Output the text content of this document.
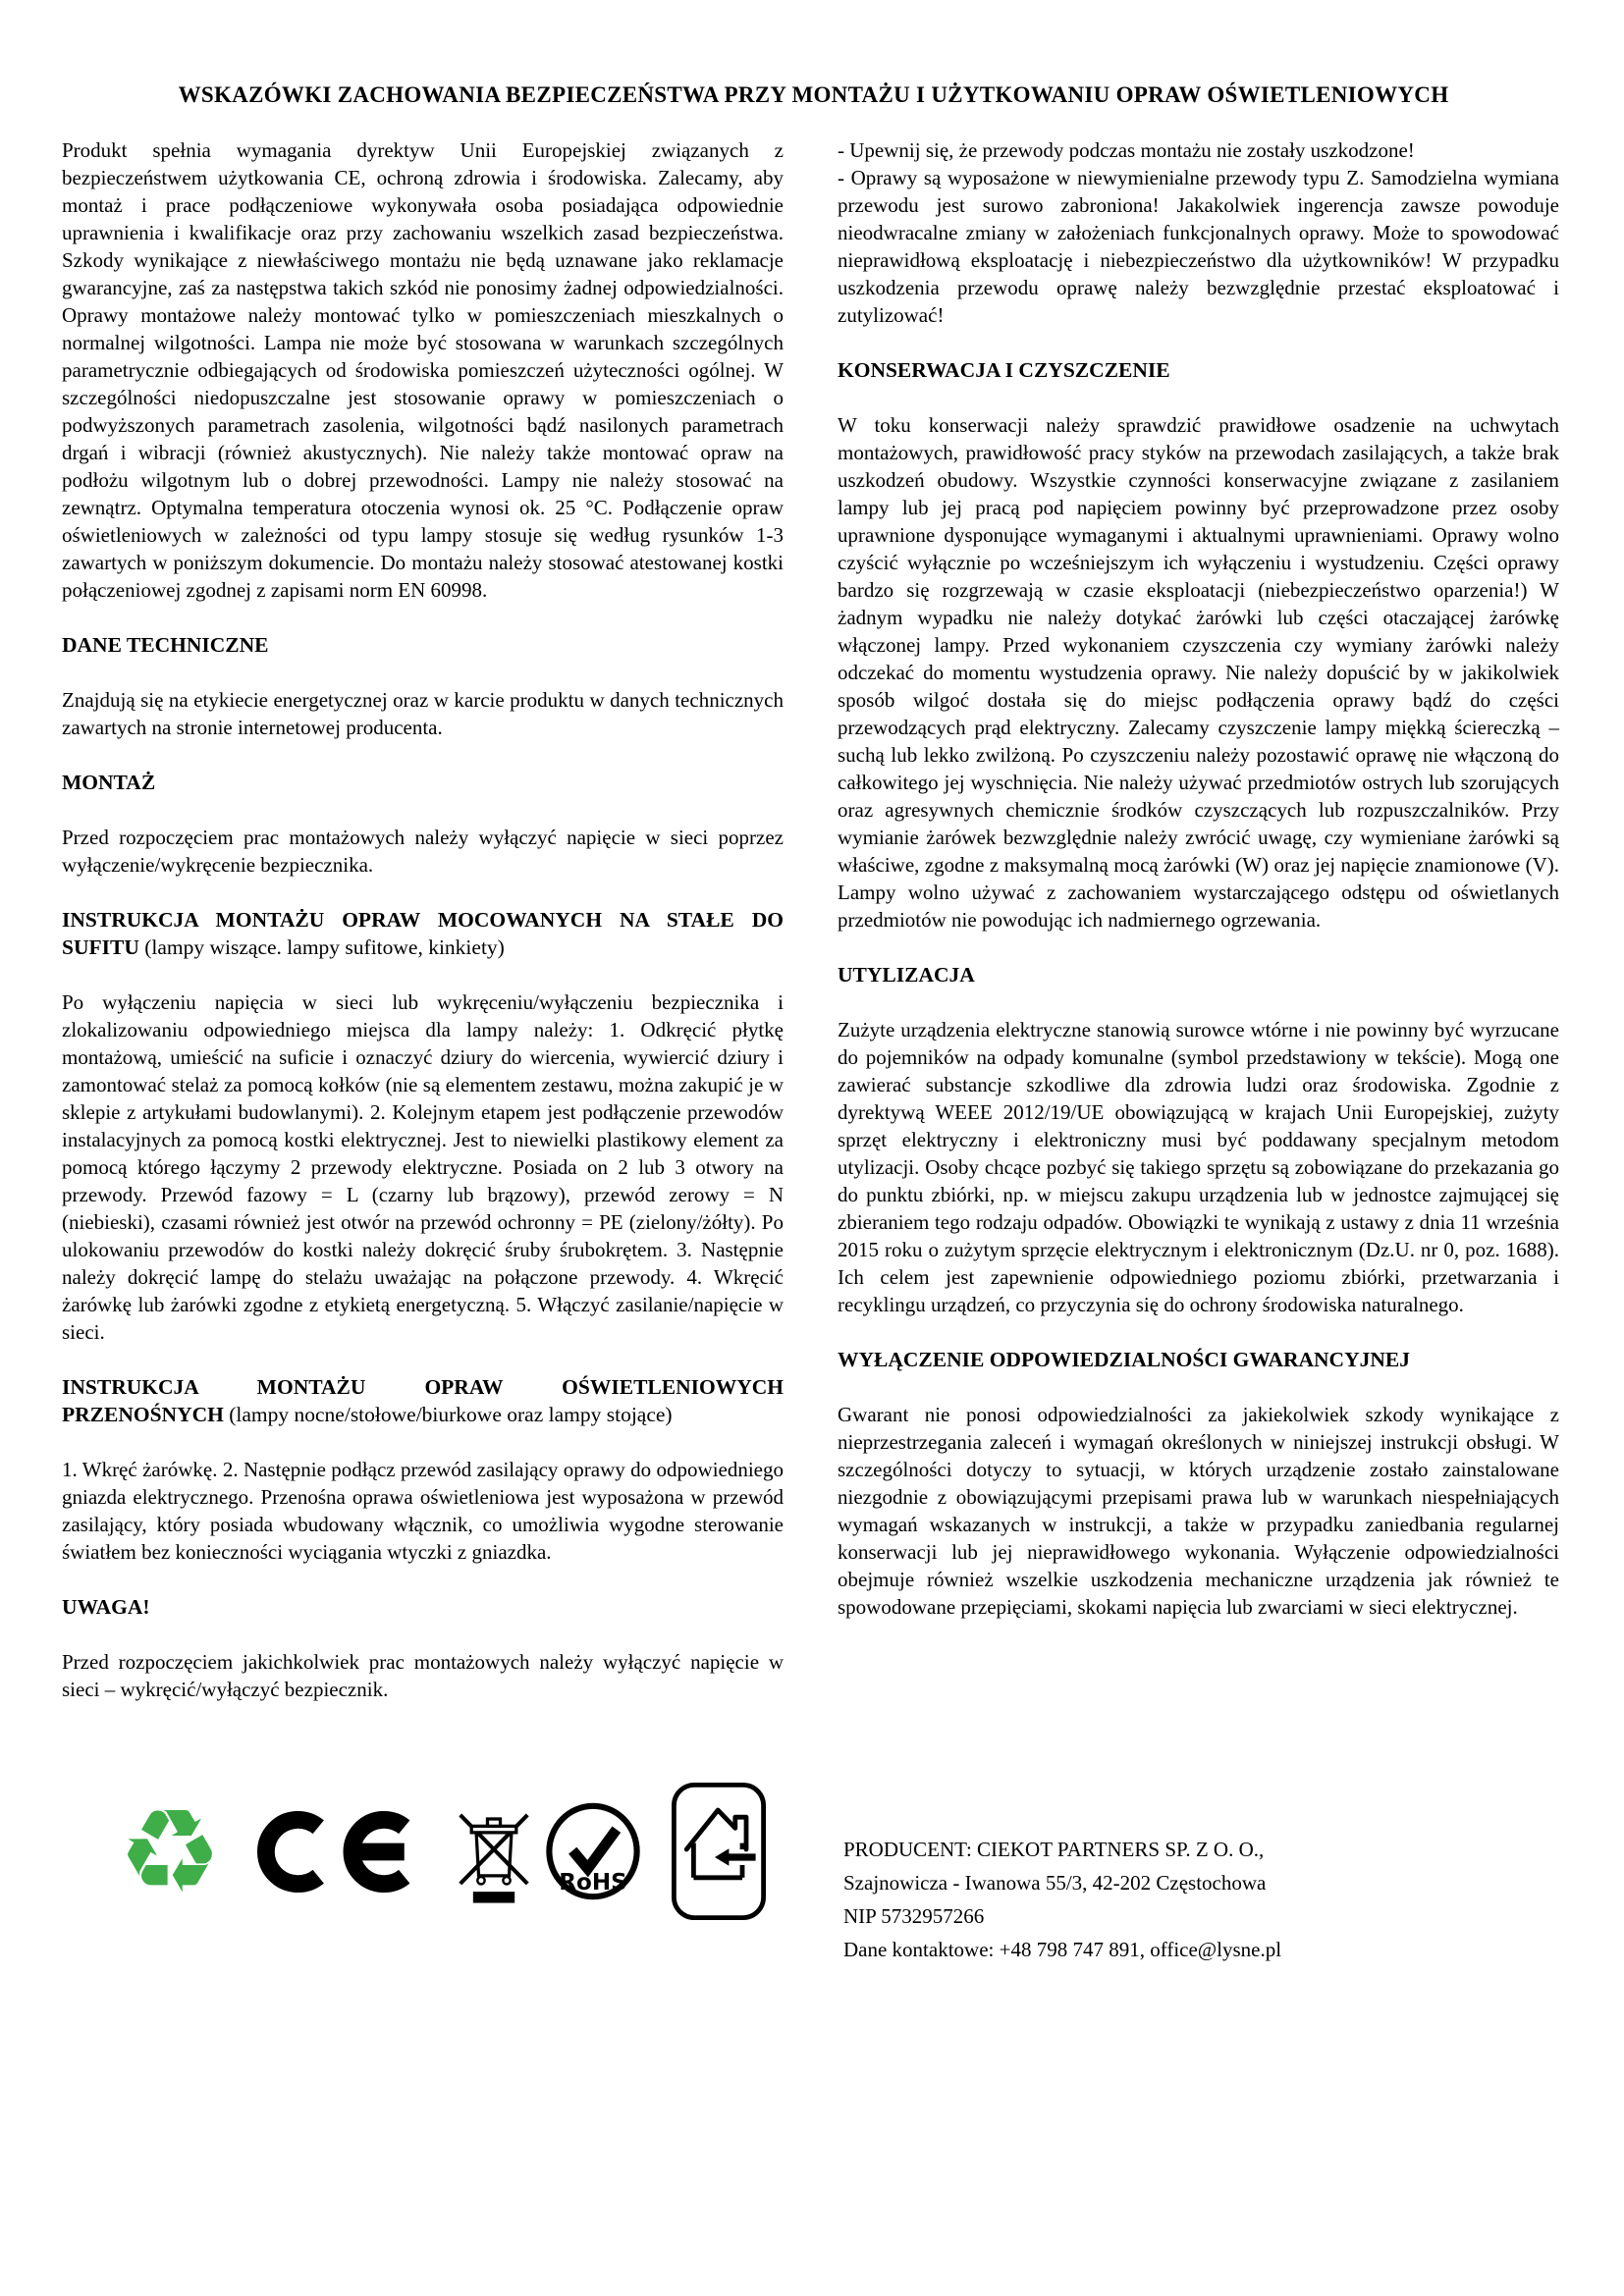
WSKAZÓWKI ZACHOWANIA BEZPIECZEŃSTWA PRZY MONTAŻU I UŻYTKOWANIU OPRAW OŚWIETLENIOWYCH

Produkt spełnia wymagania dyrektyw Unii Europejskiej związanych z bezpieczeństwem użytkowania CE, ochroną zdrowia i środowiska. Zalecamy, aby montaż i prace podłączeniowe wykonywała osoba posiadająca odpowiednie uprawnienia i kwalifikacje oraz przy zachowaniu wszelkich zasad bezpieczeństwa. Szkody wynikające z niewłaściwego montażu nie będą uznawane jako reklamacje gwarancyjne, zaś za następstwa takich szkód nie ponosimy żadnej odpowiedzialności. Oprawy montażowe należy montować tylko w pomieszczeniach mieszkalnych o normalnej wilgotności. Lampa nie może być stosowana w warunkach szczególnych parametrycznie odbiegających od środowiska pomieszczeń użyteczności ogólnej. W szczególności niedopuszczalne jest stosowanie oprawy w pomieszczeniach o podwyższonych parametrach zasolenia, wilgotności bądź nasilonych parametrach drgań i wibracji (również akustycznych). Nie należy także montować opraw na podłożu wilgotnym lub o dobrej przewodności. Lampy nie należy stosować na zewnątrz. Optymalna temperatura otoczenia wynosi ok. 25 °C. Podłączenie opraw oświetleniowych w zależności od typu lampy stosuje się według rysunków 1-3 zawartych w poniższym dokumencie. Do montażu należy stosować atestowanej kostki połączeniowej zgodnej z zapisami norm EN 60998.

DANE TECHNICZNE

Znajdują się na etykiecie energetycznej oraz w karcie produktu w danych technicznych zawartych na stronie internetowej producenta.

MONTAŻ

Przed rozpoczęciem prac montażowych należy wyłączyć napięcie w sieci poprzez wyłączenie/wykręcenie bezpiecznika.

INSTRUKCJA MONTAŻU OPRAW MOCOWANYCH NA STAŁE DO SUFITU (lampy wiszące. lampy sufitowe, kinkiety)

Po wyłączeniu napięcia w sieci lub wykręceniu/wyłączeniu bezpiecznika i zlokalizowaniu odpowiedniego miejsca dla lampy należy: 1. Odkręcić płytkę montażową, umieścić na suficie i oznaczyć dziury do wiercenia, wywiercić dziury i zamontować stelaż za pomocą kołków (nie są elementem zestawu, można zakupić je w sklepie z artykułami budowlanymi). 2. Kolejnym etapem jest podłączenie przewodów instalacyjnych za pomocą kostki elektrycznej. Jest to niewielki plastikowy element za pomocą którego łączymy 2 przewody elektryczne. Posiada on 2 lub 3 otwory na przewody. Przewód fazowy = L (czarny lub brązowy), przewód zerowy = N (niebieski), czasami również jest otwór na przewód ochronny = PE (zielony/żółty). Po ulokowaniu przewodów do kostki należy dokręcić śruby śrubokrętem. 3. Następnie należy dokręcić lampę do stelażu uważając na połączone przewody. 4. Wkręcić żarówkę lub żarówki zgodne z etykietą energetyczną. 5. Włączyć zasilanie/napięcie w sieci.

INSTRUKCJA MONTAŻU OPRAW OŚWIETLENIOWYCH PRZENOŚNYCH (lampy nocne/stołowe/biurkowe oraz lampy stojące)

1. Wkręć żarówkę. 2. Następnie podłącz przewód zasilający oprawy do odpowiedniego gniazda elektrycznego. Przenośna oprawa oświetleniowa jest wyposażona w przewód zasilający, który posiada wbudowany włącznik, co umożliwia wygodne sterowanie światłem bez konieczności wyciągania wtyczki z gniazdka.

UWAGA!

Przed rozpoczęciem jakichkolwiek prac montażowych należy wyłączyć napięcie w sieci – wykręcić/wyłączyć bezpiecznik.

- Upewnij się, że przewody podczas montażu nie zostały uszkodzone!

- Oprawy są wyposażone w niewymienialne przewody typu Z. Samodzielna wymiana przewodu jest surowo zabroniona! Jakakolwiek ingerencja zawsze powoduje nieodwracalne zmiany w założeniach funkcjonalnych oprawy. Może to spowodować nieprawidłową eksploatację i niebezpieczeństwo dla użytkowników! W przypadku uszkodzenia przewodu oprawę należy bezwzględnie przestać eksploatować i zutylizować!

KONSERWACJA I CZYSZCZENIE

W toku konserwacji należy sprawdzić prawidłowe osadzenie na uchwytach montażowych, prawidłowość pracy styków na przewodach zasilających, a także brak uszkodzeń obudowy. Wszystkie czynności konserwacyjne związane z zasilaniem lampy lub jej pracą pod napięciem powinny być przeprowadzone przez osoby uprawnione dysponujące wymaganymi i aktualnymi uprawnieniami. Oprawy wolno czyścić wyłącznie po wcześniejszym ich wyłączeniu i wystudzeniu. Części oprawy bardzo się rozgrzewają w czasie eksploatacji (niebezpieczeństwo oparzenia!) W żadnym wypadku nie należy dotykać żarówki lub części otaczającej żarówkę włączonej lampy. Przed wykonaniem czyszczenia czy wymiany żarówki należy odczekać do momentu wystudzenia oprawy. Nie należy dopuścić by w jakikolwiek sposób wilgoć dostała się do miejsc podłączenia oprawy bądź do części przewodzących prąd elektryczny. Zalecamy czyszczenie lampy miękką ściereczką – suchą lub lekko zwilżoną. Po czyszczeniu należy pozostawić oprawę nie włączoną do całkowitego jej wyschnięcia. Nie należy używać przedmiotów ostrych lub szorujących oraz agresywnych chemicznie środków czyszczących lub rozpuszczalników. Przy wymianie żarówek bezwzględnie należy zwrócić uwagę, czy wymieniane żarówki są właściwe, zgodne z maksymalną mocą żarówki (W) oraz jej napięcie znamionowe (V). Lampy wolno używać z zachowaniem wystarczającego odstępu od oświetlanych przedmiotów nie powodując ich nadmiernego ogrzewania.

UTYLIZACJA

Zużyte urządzenia elektryczne stanowią surowce wtórne i nie powinny być wyrzucane do pojemników na odpady komunalne (symbol przedstawiony w tekście). Mogą one zawierać substancje szkodliwe dla zdrowia ludzi oraz środowiska. Zgodnie z dyrektywą WEEE 2012/19/UE obowiązującą w krajach Unii Europejskiej, zużyty sprzęt elektryczny i elektroniczny musi być poddawany specjalnym metodom utylizacji. Osoby chcące pozbyć się takiego sprzętu są zobowiązane do przekazania go do punktu zbiórki, np. w miejscu zakupu urządzenia lub w jednostce zajmującej się zbieraniem tego rodzaju odpadów. Obowiązki te wynikają z ustawy z dnia 11 września 2015 roku o zużytym sprzęcie elektrycznym i elektronicznym (Dz.U. nr 0, poz. 1688). Ich celem jest zapewnienie odpowiedniego poziomu zbiórki, przetwarzania i recyklingu urządzeń, co przyczynia się do ochrony środowiska naturalnego.

WYŁĄCZENIE ODPOWIEDZIALNOŚCI GWARANCYJNEJ

Gwarant nie ponosi odpowiedzialności za jakiekolwiek szkody wynikające z nieprzestrzegania zaleceń i wymagań określonych w niniejszej instrukcji obsługi. W szczególności dotyczy to sytuacji, w których urządzenie zostało zainstalowane niezgodnie z obowiązującymi przepisami prawa lub w warunkach niespełniających wymagań wskazanych w instrukcji, a także w przypadku zaniedbania regularnej konserwacji lub jej nieprawidłowego wykonania. Wyłączenie odpowiedzialności obejmuje również wszelkie uszkodzenia mechaniczne urządzenia jak również te spowodowane przepięciami, skokami napięcia lub zwarciami w sieci elektrycznej.

♻	RoHS

PRODUCENT: CIEKOT PARTNERS SP. Z O. O.,

Szajnowicza - Iwanowa 55/3, 42-202 Częstochowa

NIP 5732957266

Dane kontaktowe: +48 798 747 891, office@lysne.pl
